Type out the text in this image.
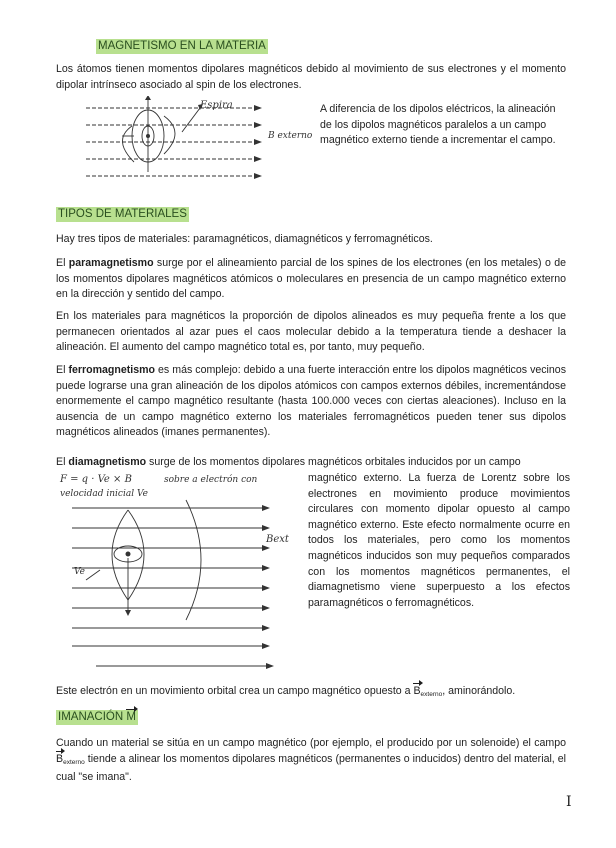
MAGNETISMO EN LA MATERIA

Los átomos tienen momentos dipolares magnéticos debido al movimiento de sus electrones y el momento dipolar intrínseco asociado al spin de los electrones.

Espira
B externo

A diferencia de los dipolos eléctricos, la alineación de los dipolos magnéticos paralelos a un campo magnético externo tiende a incrementar el campo.

TIPOS DE MATERIALES

Hay tres tipos de materiales: paramagnéticos, diamagnéticos y ferromagnéticos.

El paramagnetismo surge por el alineamiento parcial de los spines de los electrones (en los metales) o de los momentos dipolares magnéticos atómicos o moleculares en presencia de un campo magnético externo en la dirección y sentido del campo.

En los materiales para magnéticos la proporción de dipolos alineados es muy pequeña frente a los que permanecen orientados al azar pues el caos molecular debido a la temperatura tiende a deshacer la alineación. El aumento del campo magnético total es, por tanto, muy pequeño.

El ferromagnetismo es más complejo: debido a una fuerte interacción entre los dipolos magnéticos vecinos puede lograrse una gran alineación de los dipolos atómicos con campos externos débiles, incrementándose enormemente el campo magnético resultante (hasta 100.000 veces con ciertas aleaciones). Incluso en la ausencia de un campo magnético externo los materiales ferromagnéticos pueden tener sus dipolos magnéticos alineados (imanes permanentes).

El diamagnetismo surge de los momentos dipolares magnéticos orbitales inducidos por un campo

magnético externo. La fuerza de Lorentz sobre los electrones en movimiento produce movimientos circulares con momento dipolar opuesto al campo magnético externo. Este efecto normalmente ocurre en todos los materiales, pero como los momentos magnéticos inducidos son muy pequeños comparados con los momentos magnéticos permanentes, el diamagnetismo viene superpuesto a los efectos paramagnéticos o ferromagnéticos.

F = q · Ve × B	sobre a electrón con
velocidad inicial Ve
Bext
Ve

Este electrón en un movimiento orbital crea un campo magnético opuesto a $B_{externo}$, aminorándolo.

IMANACIÓN M

Cuando un material se sitúa en un campo magnético (por ejemplo, el producido por un solenoide) el campo $B_{externo}$ tiende a alinear los momentos dipolares magnéticos (permanentes o inducidos) dentro del material, el cual "se imana".

I
